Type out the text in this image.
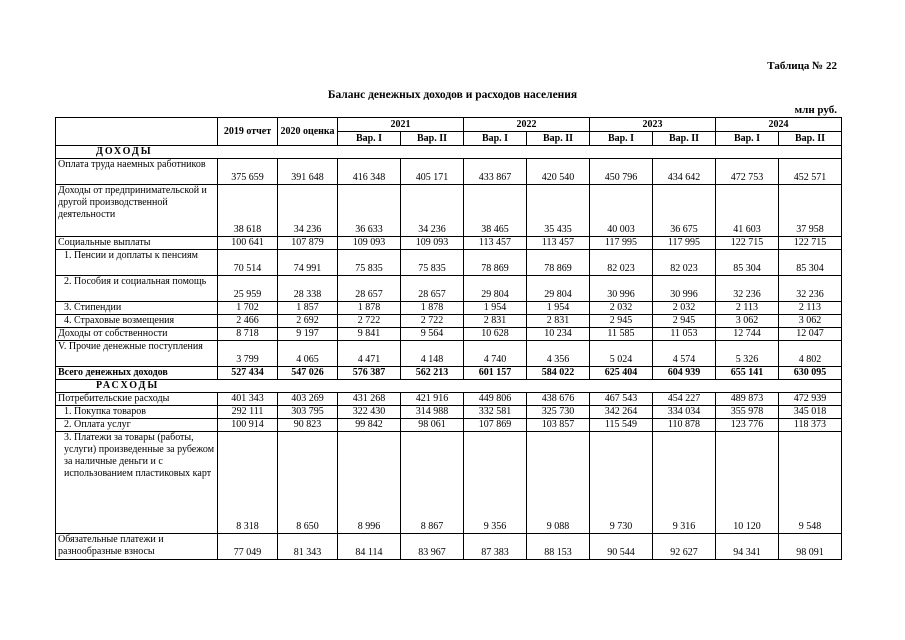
Таблица № 22
Баланс денежных доходов и расходов населения
млн руб.
	2019 отчет	2020 оценка	2021		2022		2023		2024	
			Вар. I	Вар. II	Вар. I	Вар. II	Вар. I	Вар. II	Вар. I	Вар. II
ДОХОДЫ										
Оплата труда наемных работников	375 659	391 648	416 348	405 171	433 867	420 540	450 796	434 642	472 753	452 571
Доходы от предпринимательской и другой производственной деятельности	38 618	34 236	36 633	34 236	38 465	35 435	40 003	36 675	41 603	37 958
Социальные выплаты	100 641	107 879	109 093	109 093	113 457	113 457	117 995	117 995	122 715	122 715
1. Пенсии и доплаты к пенсиям	70 514	74 991	75 835	75 835	78 869	78 869	82 023	82 023	85 304	85 304
2. Пособия и социальная помощь	25 959	28 338	28 657	28 657	29 804	29 804	30 996	30 996	32 236	32 236
3. Стипендии	1 702	1 857	1 878	1 878	1 954	1 954	2 032	2 032	2 113	2 113
4. Страховые возмещения	2 466	2 692	2 722	2 722	2 831	2 831	2 945	2 945	3 062	3 062
Доходы от собственности	8 718	9 197	9 841	9 564	10 628	10 234	11 585	11 053	12 744	12 047
V. Прочие денежные поступления	3 799	4 065	4 471	4 148	4 740	4 356	5 024	4 574	5 326	4 802
Всего денежных доходов	527 434	547 026	576 387	562 213	601 157	584 022	625 404	604 939	655 141	630 095
РАСХОДЫ										
Потребительские расходы	401 343	403 269	431 268	421 916	449 806	438 676	467 543	454 227	489 873	472 939
1. Покупка товаров	292 111	303 795	322 430	314 988	332 581	325 730	342 264	334 034	355 978	345 018
2. Оплата услуг	100 914	90 823	99 842	98 061	107 869	103 857	115 549	110 878	123 776	118 373
3. Платежи за товары (работы, услуги) произведенные за рубежом за наличные деньги и с использованием пластиковых карт	8 318	8 650	8 996	8 867	9 356	9 088	9 730	9 316	10 120	9 548
Обязательные платежи и разнообразные взносы	77 049	81 343	84 114	83 967	87 383	88 153	90 544	92 627	94 341	98 091
